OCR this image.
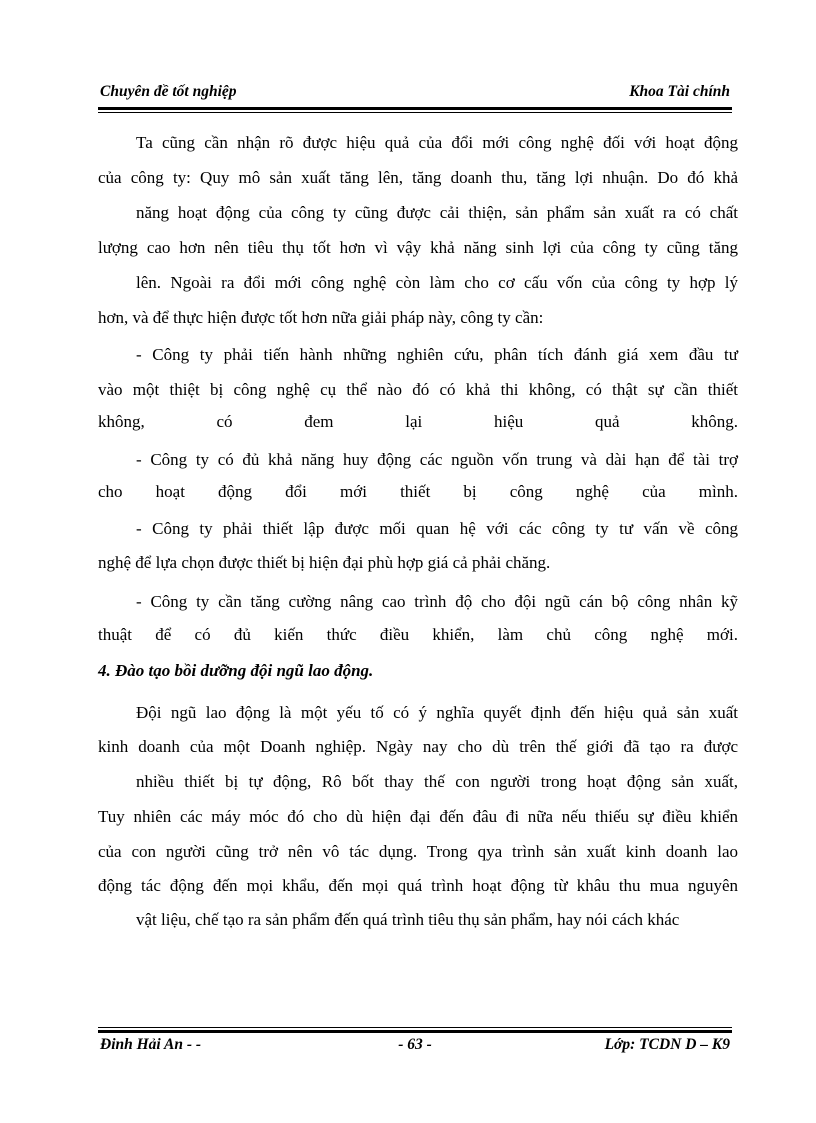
Chuyên đề tốt nghiệp	Khoa Tài chính
Ta cũng cần nhận rõ được hiệu quả của đổi mới công nghệ đối với hoạt động
của công ty: Quy mô sản xuất tăng lên, tăng doanh thu, tăng lợi nhuận. Do đó khả
năng hoạt động của công ty cũng được cải thiện, sản phẩm sản xuất ra có chất
lượng cao hơn nên tiêu thụ tốt hơn vì vậy khả năng sinh lợi của công ty cũng tăng
lên. Ngoài ra đổi mới công nghệ còn làm cho cơ cấu vốn của công ty hợp lý
hơn, và để thực hiện được tốt hơn nữa giải pháp này, công ty cần:
- Công ty phải tiến hành những nghiên cứu, phân tích đánh giá xem đầu tư
vào một thiệt bị công nghệ cụ thể nào đó có khả thi không, có thật sự cần thiết
không, có đem lại hiệu quả không.
- Công ty có đủ khả năng huy động các nguồn vốn trung và dài hạn để tài trợ
cho hoạt động đổi mới thiết bị công nghệ của mình.
- Công ty phải thiết lập được mối quan hệ với các công ty tư vấn về công
nghệ để lựa chọn được thiết bị hiện đại phù hợp giá cả phải chăng.
- Công ty cần tăng cường nâng cao trình độ cho đội ngũ cán bộ công nhân kỹ
thuật để có đủ kiến thức điều khiển, làm chủ công nghệ mới.
4. Đào tạo bồi dưỡng đội ngũ lao động.
Đội ngũ lao động là một yếu tố có ý nghĩa quyết định đến hiệu quả sản xuất
kinh doanh của một Doanh nghiệp. Ngày nay cho dù trên thế giới đã tạo ra được
nhiều thiết bị tự động, Rô bốt thay thế con người trong hoạt động sản xuất,
Tuy nhiên các máy móc đó cho dù hiện đại đến đâu đi nữa nếu thiếu sự điều khiển
của con người cũng trở nên vô tác dụng. Trong qya trình sản xuất kinh doanh lao
động tác động đến mọi khẩu, đến mọi quá trình hoạt động từ khâu thu mua nguyên
vật liệu, chế tạo ra sản phẩm đến quá trình tiêu thụ sản phẩm, hay nói cách khác
Đinh Hải An - -	- 63 -	Lớp: TCDN D – K9
